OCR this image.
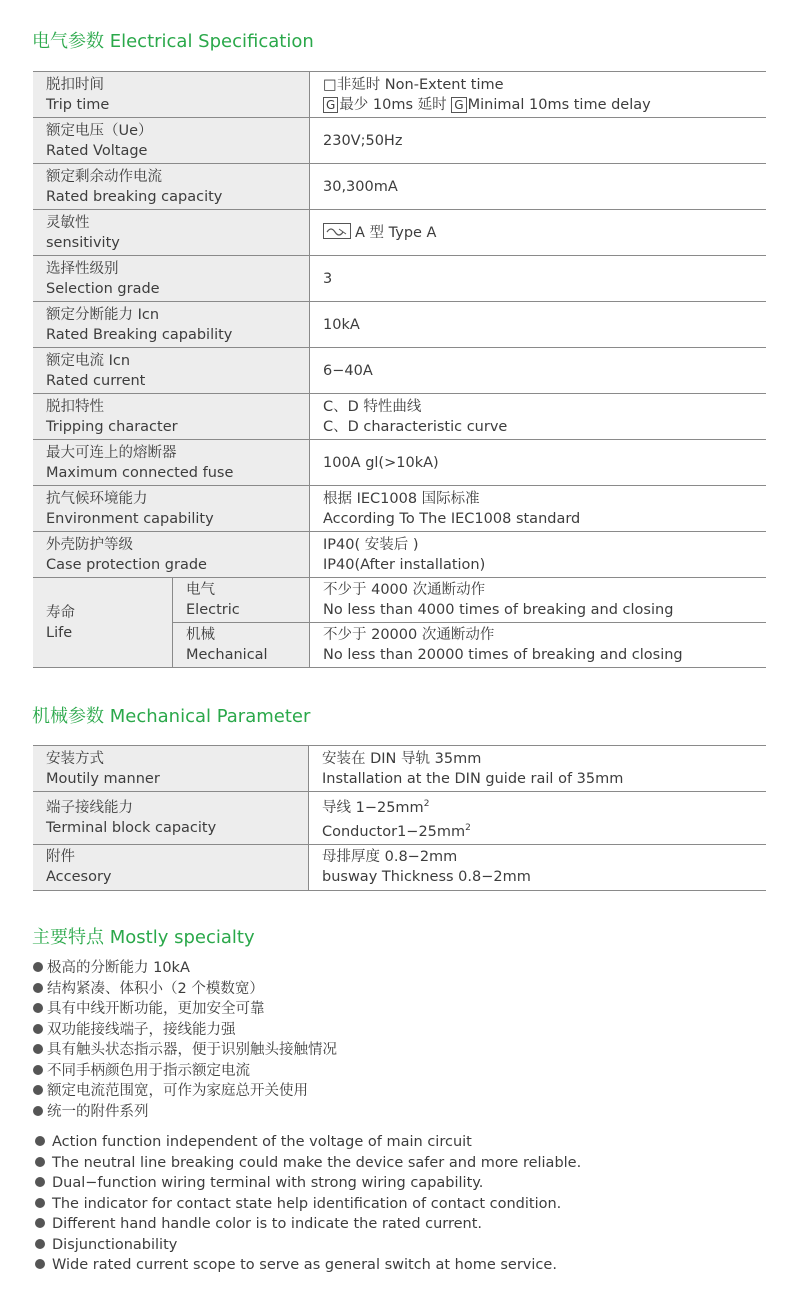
电气参数 Electrical Specification
脱扣时间
Trip time		□非延时 Non-Extent time
G 最少 10ms 延时 G Minimal 10ms time delay

额定电压（Ue）
Rated Voltage		230V;50Hz

额定剩余动作电流
Rated breaking capacity		30,300mA

灵敏性
sensitivity		A 型 Type A

选择性级别
Selection grade		3

额定分断能力 Icn
Rated Breaking capability		10kA

额定电流 Icn
Rated current		6−40A

脱扣特性
Tripping character		C、D 特性曲线
C、D characteristic curve

最大可连上的熔断器
Maximum connected fuse		100A gl(>10kA)

抗气候环境能力
Environment capability		根据 IEC1008 国际标准
According To The IEC1008 standard

外壳防护等级
Case protection grade		IP40( 安装后 )
IP40(After installation)

寿命
Life	电气
Electric	不少于 4000 次通断动作
No less than 4000 times of breaking and closing

	机械
Mechanical	不少于 20000 次通断动作
No less than 20000 times of breaking and closing
机械参数 Mechanical Parameter
安装方式
Moutily manner	安装在 DIN 导轨 35mm
Installation at the DIN guide rail of 35mm

端子接线能力
Terminal block capacity	导线 $1-25mm^2$
$Conductor1-25mm^2$

附件
Accesory	母排厚度 0.8−2mm
busway Thickness 0.8−2mm
主要特点 Mostly specialty
极高的分断能力 10kA
结构紧凑、体积小（2 个模数宽）
具有中线开断功能，更加安全可靠
双功能接线端子，接线能力强
具有触头状态指示器，便于识别触头接触情况
不同手柄颜色用于指示额定电流
额定电流范围宽，可作为家庭总开关使用
统一的附件系列
Action function independent of the voltage of main circuit
The neutral line breaking could make the device safer and more reliable.
Dual−function wiring terminal with strong wiring capability.
The indicator for contact state help identification of contact condition.
Different hand handle color is to indicate the rated current.
Disjunctionability
Wide rated current scope to serve as general switch at home service.
